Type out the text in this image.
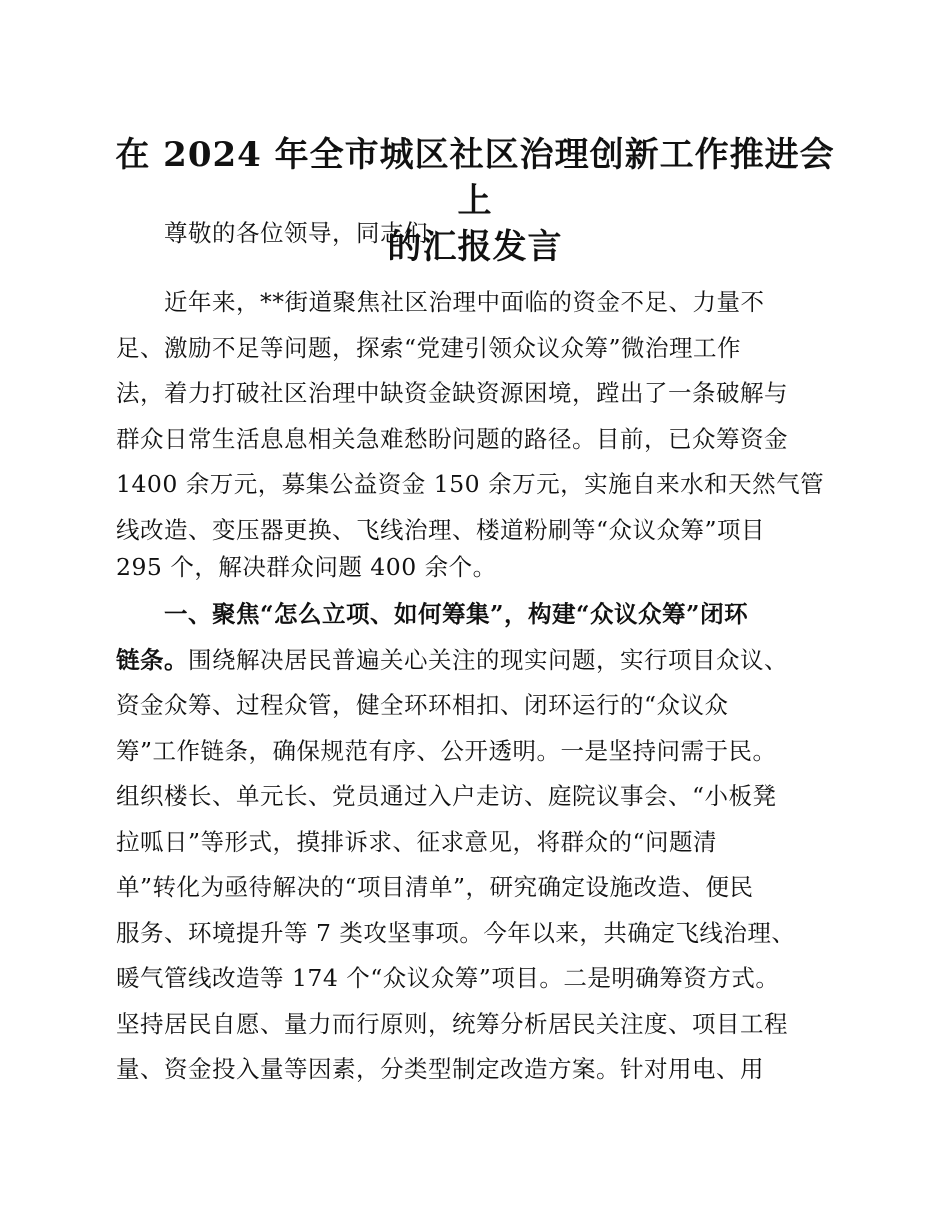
在 2024 年全市城区社区治理创新工作推进会上
的汇报发言

尊敬的各位领导，同志们:

近年来，**街道聚焦社区治理中面临的资金不足、力量不

足、激励不足等问题，探索“党建引领众议众筹”微治理工作

法，着力打破社区治理中缺资金缺资源困境，蹚出了一条破解与

群众日常生活息息相关急难愁盼问题的路径。目前，已众筹资金

1400 余万元，募集公益资金 150 余万元，实施自来水和天然气管

线改造、变压器更换、飞线治理、楼道粉刷等“众议众筹”项目

295 个，解决群众问题 400 余个。

一、聚焦“怎么立项、如何筹集”，构建“众议众筹”闭环

链条。围绕解决居民普遍关心关注的现实问题，实行项目众议、

资金众筹、过程众管，健全环环相扣、闭环运行的“众议众

筹”工作链条，确保规范有序、公开透明。一是坚持问需于民。

组织楼长、单元长、党员通过入户走访、庭院议事会、“小板凳

拉呱日”等形式，摸排诉求、征求意见，将群众的“问题清

单”转化为亟待解决的“项目清单”，研究确定设施改造、便民

服务、环境提升等 7 类攻坚事项。今年以来，共确定飞线治理、

暖气管线改造等 174 个“众议众筹”项目。二是明确筹资方式。

坚持居民自愿、量力而行原则，统筹分析居民关注度、项目工程

量、资金投入量等因素，分类型制定改造方案。针对用电、用
